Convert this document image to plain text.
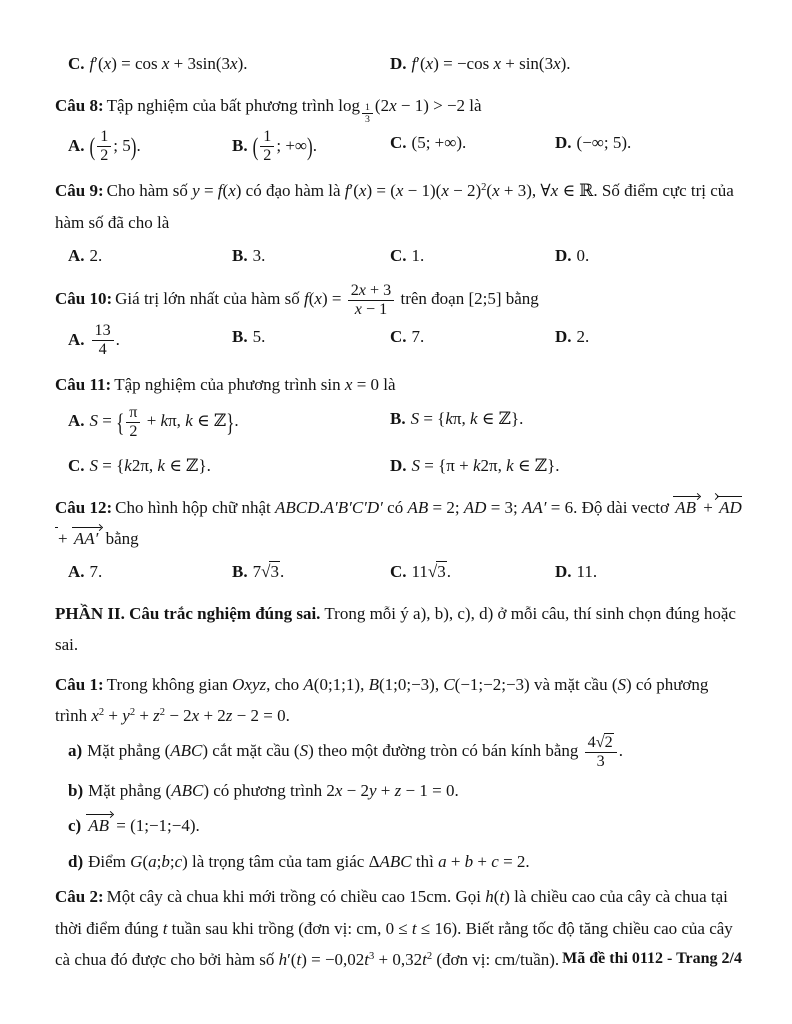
C. f′(x) = cos x + 3sin(3x).	D. f′(x) = −cos x + sin(3x).

Câu 8: Tập nghiệm của bất phương trình log $_{\frac{1}{3}}$ (2x − 1) > −2 là

A. ( $\frac{1}{2}$ ; 5).	B. ( $\frac{1}{2}$ ; +∞).	C. (5; +∞).	D. (−∞; 5).

Câu 9: Cho hàm số y = f(x) có đạo hàm là $f'(x) = (x - 1)(x - 2)^2(x + 3)$, ∀x ∈ ℝ. Số điểm cực trị của hàm số đã cho là

A. 2.	B. 3.	C. 1.	D. 0.

Câu 10: Giá trị lớn nhất của hàm số $f(x) = \frac{2x + 3}{x - 1}$ trên đoạn [2;5] bằng

A. $\frac{13}{4}$ .	B. 5.	C. 7.	D. 2.

Câu 11: Tập nghiệm của phương trình sin x = 0 là

A. S = { $\frac{\pi}{2} + k\pi$, k ∈ ℤ}.	B. S = {kπ, k ∈ ℤ}.
C. S = {k2π, k ∈ ℤ}.	D. S = {π + k2π, k ∈ ℤ}.

Câu 12: Cho hình hộp chữ nhật ABCD.A′B′C′D′ có AB = 2; AD = 3; AA′ = 6. Độ dài vectơ AB + AD + AA′ bằng

A. 7.	B. 7√3.	C. 11√3.	D. 11.

PHẦN II. Câu trắc nghiệm đúng sai. Trong mỗi ý a), b), c), d) ở mỗi câu, thí sinh chọn đúng hoặc sai.

Câu 1: Trong không gian Oxyz, cho A(0;1;1), B(1;0;−3), C(−1;−2;−3) và mặt cầu (S) có phương trình $x^2 + y^2 + z^2 - 2x + 2z - 2 = 0$.

a) Mặt phẳng (ABC) cắt mặt cầu (S) theo một đường tròn có bán kính bằng $\frac{4√2}{3}$ .

b) Mặt phẳng (ABC) có phương trình 2x − 2y + z − 1 = 0.

c) AB = (1;−1;−4).

d) Điểm G(a;b;c) là trọng tâm của tam giác ΔABC thì a + b + c = 2.

Câu 2: Một cây cà chua khi mới trồng có chiều cao 15cm. Gọi h(t) là chiều cao của cây cà chua tại thời điểm đúng t tuần sau khi trồng (đơn vị: cm, 0 ≤ t ≤ 16). Biết rằng tốc độ tăng chiều cao của cây cà chua đó được cho bởi hàm số $h'(t) = -0,02t^3 + 0,32t^2$ (đơn vị: cm/tuần). Mã đề thi 0112 - Trang 2/4
